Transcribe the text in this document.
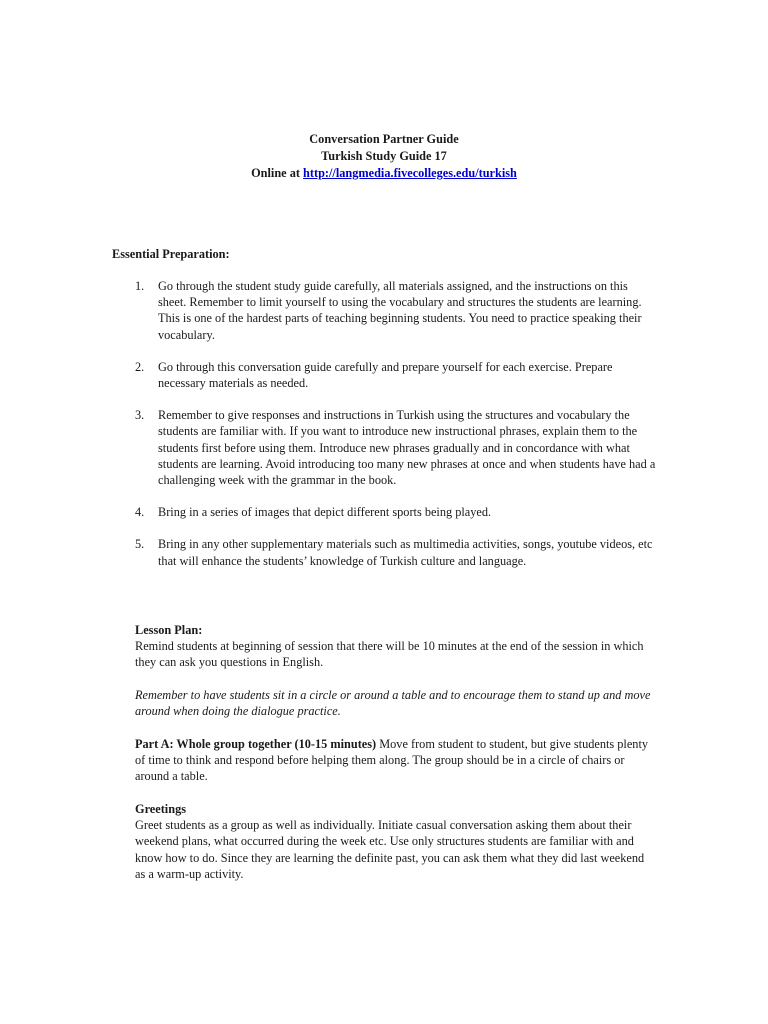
Conversation Partner Guide
Turkish Study Guide 17
Online at http://langmedia.fivecolleges.edu/turkish
Essential Preparation:
1. Go through the student study guide carefully, all materials assigned, and the instructions on this sheet. Remember to limit yourself to using the vocabulary and structures the students are learning. This is one of the hardest parts of teaching beginning students. You need to practice speaking their vocabulary.
2. Go through this conversation guide carefully and prepare yourself for each exercise. Prepare necessary materials as needed.
3. Remember to give responses and instructions in Turkish using the structures and vocabulary the students are familiar with. If you want to introduce new instructional phrases, explain them to the students first before using them. Introduce new phrases gradually and in concordance with what students are learning. Avoid introducing too many new phrases at once and when students have had a challenging week with the grammar in the book.
4. Bring in a series of images that depict different sports being played.
5. Bring in any other supplementary materials such as multimedia activities, songs, youtube videos, etc that will enhance the students’ knowledge of Turkish culture and language.
Lesson Plan:
Remind students at beginning of session that there will be 10 minutes at the end of the session in which they can ask you questions in English.
Remember to have students sit in a circle or around a table and to encourage them to stand up and move around when doing the dialogue practice.
Part A: Whole group together (10-15 minutes) Move from student to student, but give students plenty of time to think and respond before helping them along. The group should be in a circle of chairs or around a table.
Greetings
Greet students as a group as well as individually. Initiate casual conversation asking them about their weekend plans, what occurred during the week etc. Use only structures students are familiar with and know how to do. Since they are learning the definite past, you can ask them what they did last weekend as a warm-up activity.
